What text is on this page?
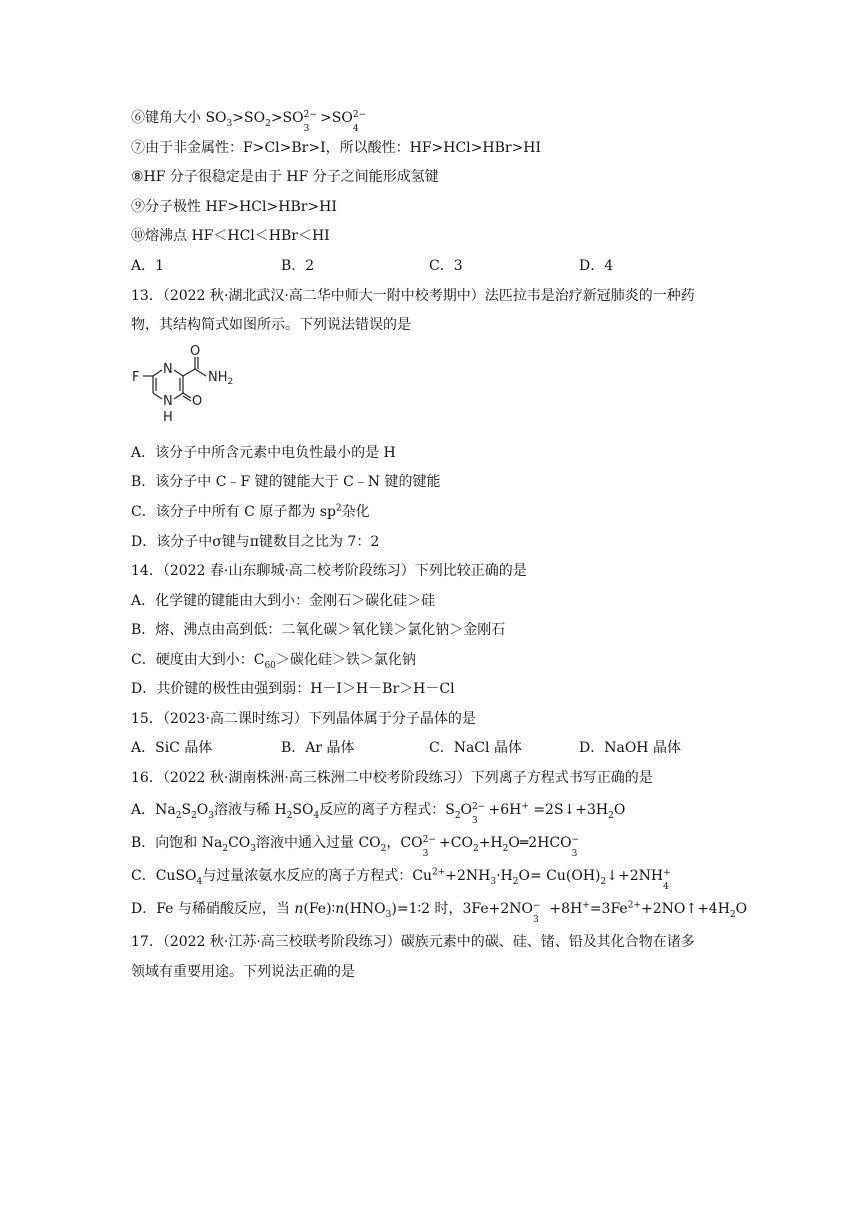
⑥键角大小 $SO_3>SO_2>SO$ 2−
3
>SO 2−
4
⑦由于非金属性：F>Cl>Br>I，所以酸性：HF>HCl>HBr>HI
⑧HF 分子很稳定是由于 HF 分子之间能形成氢键
⑨分子极性 HF>HCl>HBr>HI
⑩熔沸点 HF＜HCl＜HBr＜HI
A．1	B．2	C．3	D．4
13．（2022 秋·湖北武汉·高二华中师大一附中校考期中）法匹拉韦是治疗新冠肺炎的一种药
物，其结构简式如图所示。下列说法错误的是
O
$NH_2$
F
N
N
H
O
A．该分子中所含元素中电负性最小的是 H
B．该分子中 C﹣F 键的键能大于 C﹣N 键的键能
C．该分子中所有 C 原子都为 $sp^2$杂化
D．该分子中σ键与π键数目之比为 7：2
14．（2022 春·山东聊城·高二校考阶段练习）下列比较正确的是
A．化学键的键能由大到小：金刚石＞碳化硅＞硅
B．熔、沸点由高到低：二氧化碳＞氧化镁＞氯化钠＞金刚石
C．硬度由大到小：$C_{60}>$碳化硅＞铁＞氯化钠
D．共价键的极性由强到弱：H－I＞H－Br＞H－Cl
15．（2023·高二课时练习）下列晶体属于分子晶体的是
A．SiC 晶体	B．Ar 晶体	C．NaCl 晶体	D．NaOH 晶体
16．（2022 秋·湖南株洲·高三株洲二中校考阶段练习）下列离子方程式书写正确的是
A．$Na_2S_2O_3$溶液与稀 $H_2SO_4$反应的离子方程式：$S_2O$ 2−
3
$+6H^+ =2S↓+3H_2O$
B．向饱和 $Na_2CO_3$溶液中通入过量 $CO_2$，CO 2−
3
$+CO_2+H_2O═2HCO$ −
3
C．CuSO$_4$与过量浓氨水反应的离子方程式：$Cu^{2+}+2NH_3\cdot H_2O=$ $Cu(OH)_2↓+2NH$ +
4
D．Fe 与稀硝酸反应，当 $n(Fe)∶n(HNO_3)=1∶2$ 时，3Fe+2NO −
3
$+8H^+=3Fe^{2+}+2NO↑+4H_2O$
17．（2022 秋·江苏·高三校联考阶段练习）碳族元素中的碳、硅、锗、铅及其化合物在诸多
领域有重要用途。下列说法正确的是
